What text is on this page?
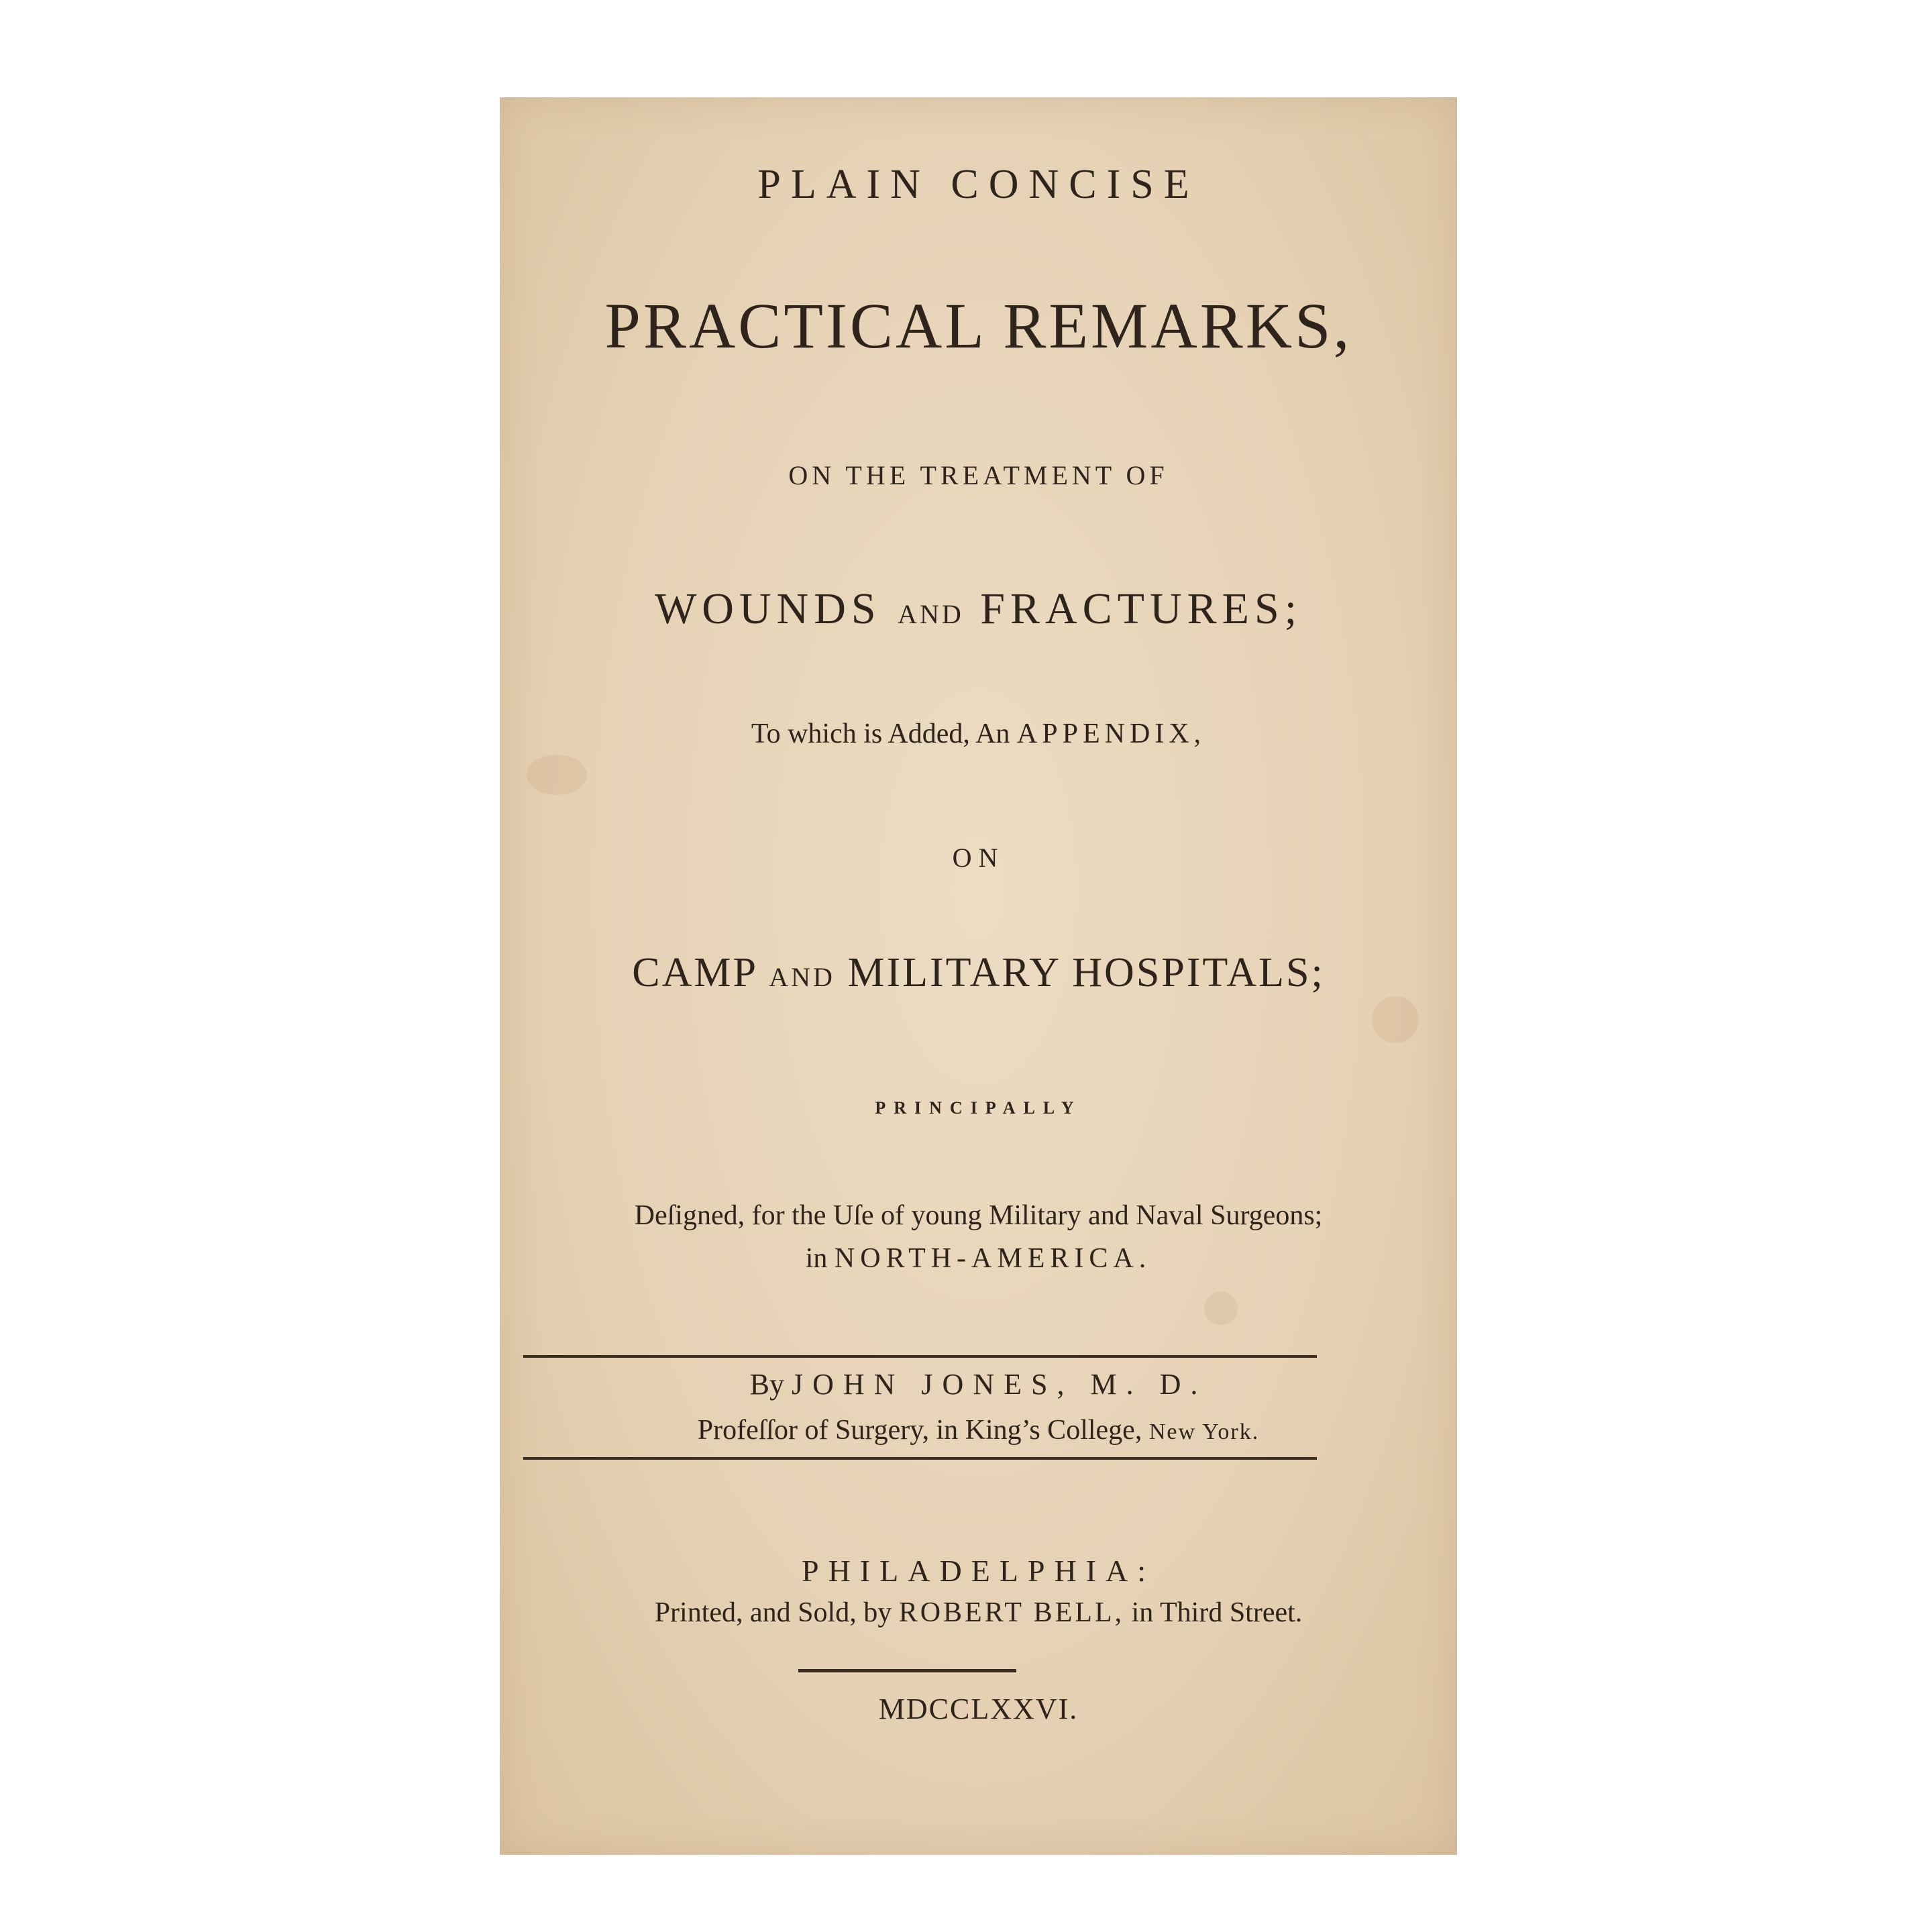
PLAIN CONCISE
PRACTICAL REMARKS,
ON THE TREATMENT OF
WOUNDS AND FRACTURES;
To which is Added, An APPENDIX,
ON
CAMP AND MILITARY HOSPITALS;
PRINCIPALLY
Deſigned, for the Uſe of young Military and Naval Surgeons;
in NORTH-AMERICA.
By JOHN JONES, M. D.
Profeſſor of Surgery, in King’s College, New York.
PHILADELPHIA:
Printed, and Sold, by ROBERT BELL, in Third Street.
MDCCLXXVI.
